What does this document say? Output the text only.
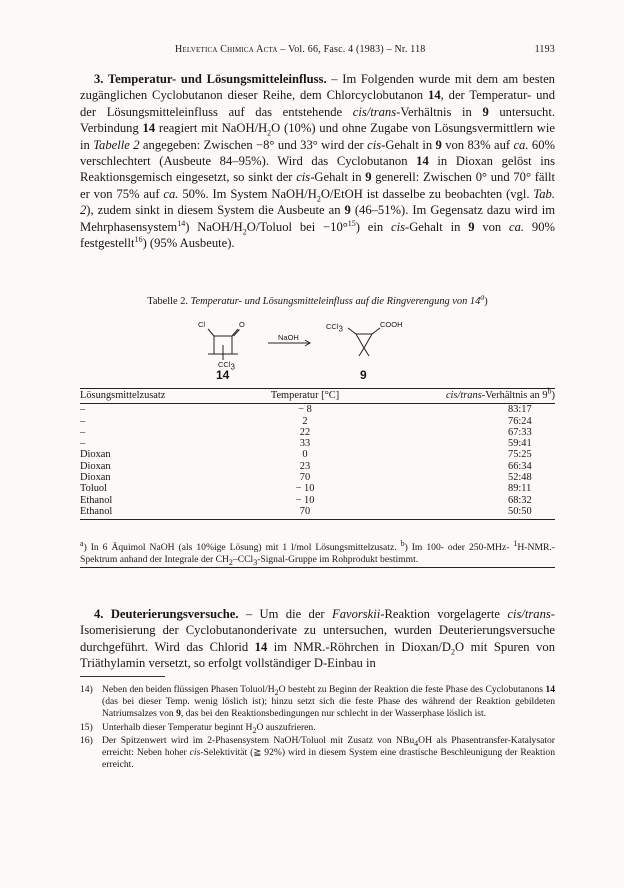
Helvetica Chimica Acta – Vol. 66, Fasc. 4 (1983) – Nr. 118	1193

3. Temperatur- und Lösungsmitteleinfluss. – Im Folgenden wurde mit dem am besten zugänglichen Cyclobutanon dieser Reihe, dem Chlorcyclobutanon 14, der Temperatur- und der Lösungsmitteleinfluss auf das entstehende cis/trans-Verhältnis in 9 untersucht. Verbindung 14 reagiert mit NaOH/$H_2O$ (10%) und ohne Zugabe von Lösungsvermittlern wie in Tabelle 2 angegeben: Zwischen −8° und 33° wird der cis-Gehalt in 9 von 83% auf ca. 60% verschlechtert (Ausbeute 84–95%). Wird das Cyclobutanon 14 in Dioxan gelöst ins Reaktionsgemisch eingesetzt, so sinkt der cis-Gehalt in 9 generell: Zwischen 0° und 70° fällt er von 75% auf ca. 50%. Im System NaOH/$H_2O$/EtOH ist dasselbe zu beobachten (vgl. Tab. 2), zudem sinkt in diesem System die Ausbeute an 9 (46–51%). Im Gegensatz dazu wird im Mehrphasensystem$^{14}$) NaOH/$H_2O$/Toluol bei −10°$^{15}$) ein cis-Gehalt in 9 von ca. 90% festgestellt$^{16}$) (95% Ausbeute).

Tabelle 2. Temperatur- und Lösungsmitteleinfluss auf die Ringverengung von 14$^a$)
Cl	O
CCl$_3$
NaOH
CCl$_3$	COOH
14	9
Lösungsmittelzusatz	Temperatur [°C]	cis/trans-Verhältnis an 9$^b$)
–	− 8	83:17
–	2	76:24
–	22	67:33
–	33	59:41
Dioxan	0	75:25
Dioxan	23	66:34
Dioxan	70	52:48
Toluol	− 10	89:11
Ethanol	− 10	68:32
Ethanol	70	50:50
$^a$) In 6 Äquimol NaOH (als 10%ige Lösung) mit 1 l/mol Lösungsmittelzusatz. $^b$) Im 100- oder 250-MHz- $^1$H-NMR.-Spektrum anhand der Integrale der $CH_2-CCl_3-Signal$-Gruppe im Rohprodukt bestimmt.

4. Deuterierungsversuche. – Um die der Favorskii-Reaktion vorgelagerte cis/trans-Isomerisierung der Cyclobutanonderivate zu untersuchen, wurden Deuterierungsversuche durchgeführt. Wird das Chlorid 14 im NMR.-Röhrchen in Dioxan/$D_2O$ mit Spuren von Triäthylamin versetzt, so erfolgt vollständiger D-Einbau in

14) Neben den beiden flüssigen Phasen Toluol/$H_2O$ besteht zu Beginn der Reaktion die feste Phase des Cyclobutanons 14 (das bei dieser Temp. wenig löslich ist); hinzu setzt sich die feste Phase des während der Reaktion gebildeten Natriumsalzes von 9, das bei den Reaktionsbedingungen nur schlecht in der Wasserphase löslich ist.
15) Unterhalb dieser Temperatur beginnt $H_2O$ auszufrieren.
16) Der Spitzenwert wird im 2-Phasensystem NaOH/Toluol mit Zusatz von NBu$_4$OH als Phasentransfer-Katalysator erreicht: Neben hoher cis-Selektivität (≧ 92%) wird in diesem System eine drastische Beschleunigung der Reaktion erreicht.
